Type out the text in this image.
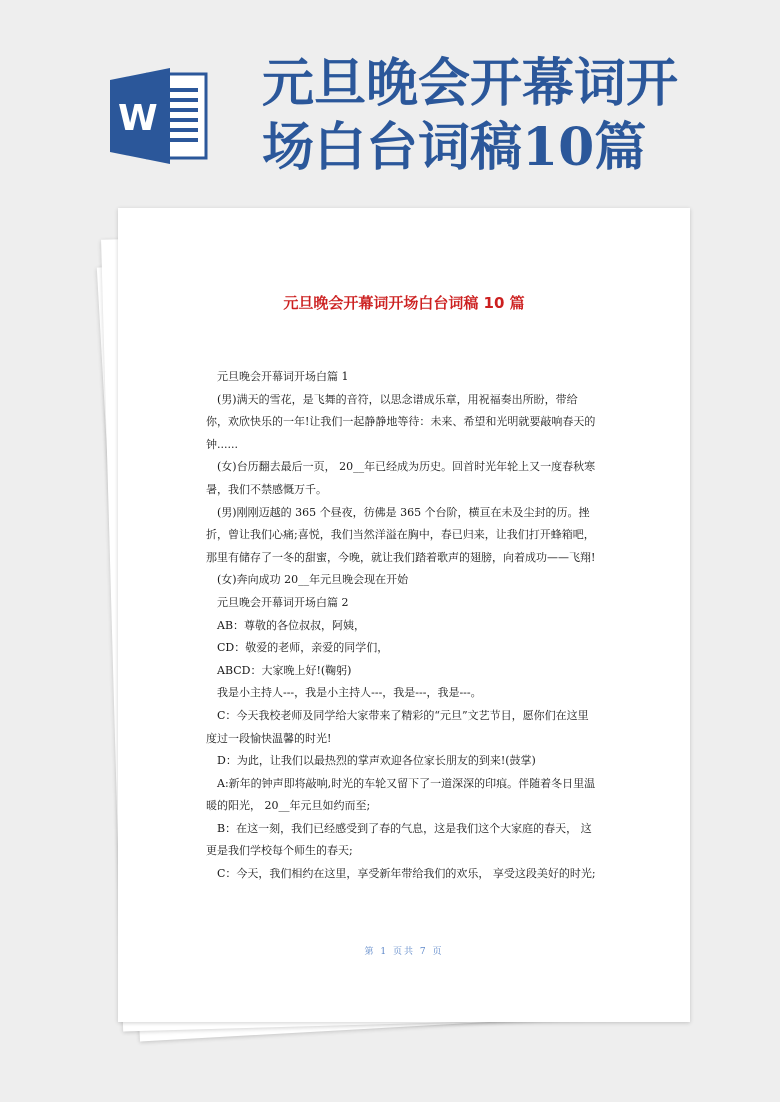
W
元旦晚会开幕词开
场白台词稿10篇
元旦晚会开幕词开场白台词稿 10 篇

元旦晚会开幕词开场白篇 1

(男)满天的雪花，是飞舞的音符，以思念谱成乐章，用祝福奏出所盼，带给你，欢欣快乐的一年!让我们一起静静地等待：未来、希望和光明就要敲响春天的钟......

(女)台历翻去最后一页， 20__年已经成为历史。回首时光年轮上又一度春秋寒暑，我们不禁感慨万千。

(男)刚刚迈越的 365 个昼夜，彷佛是 365 个台阶，横亘在未及尘封的历。挫折，曾让我们心痛;喜悦，我们当然洋溢在胸中，春已归来，让我们打开蜂箱吧，那里有储存了一冬的甜蜜，今晚，就让我们踏着歌声的翅膀，向着成功——飞翔!

(女)奔向成功 20__年元旦晚会现在开始

元旦晚会开幕词开场白篇 2

AB：尊敬的各位叔叔，阿姨，

CD：敬爱的老师，亲爱的同学们，

ABCD：大家晚上好!(鞠躬)

我是小主持人---，我是小主持人---，我是---，我是---。

C：今天我校老师及同学给大家带来了精彩的“元旦”文艺节目，愿你们在这里度过一段愉快温馨的时光!

D：为此，让我们以最热烈的掌声欢迎各位家长朋友的到来!(鼓掌)

A:新年的钟声即将敲响,时光的车轮又留下了一道深深的印痕。伴随着冬日里温暖的阳光， 20__年元旦如约而至;

B：在这一刻，我们已经感受到了春的气息，这是我们这个大家庭的春天， 这更是我们学校每个师生的春天;

C：今天，我们相约在这里，享受新年带给我们的欢乐， 享受这段美好的时光;

第 1 页共 7 页
